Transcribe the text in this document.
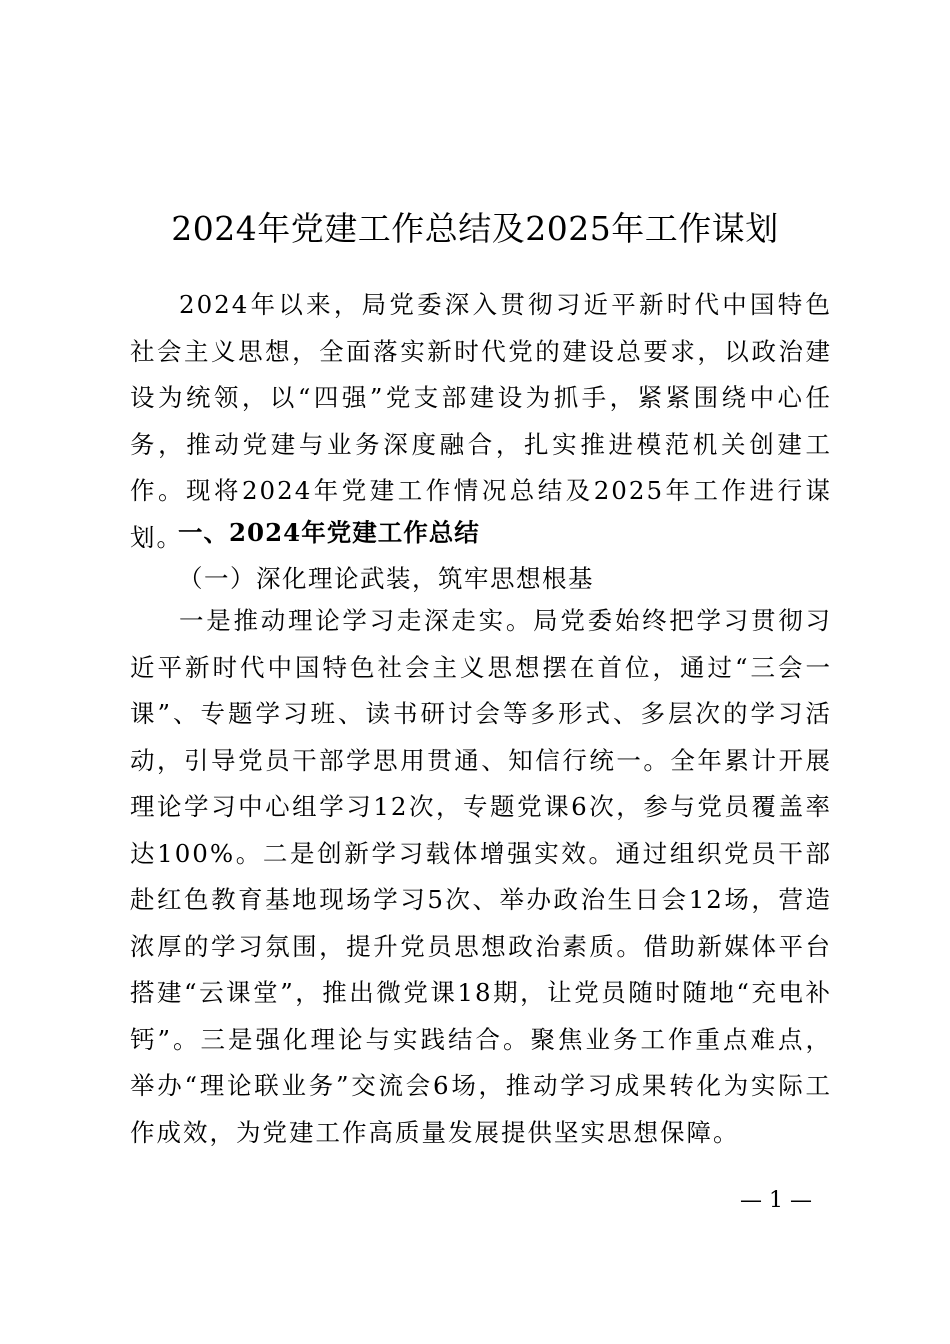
2024年党建工作总结及2025年工作谋划

2024年以来，局党委深入贯彻习近平新时代中国特色社会主义思想，全面落实新时代党的建设总要求，以政治建设为统领，以“四强”党支部建设为抓手，紧紧围绕中心任务，推动党建与业务深度融合，扎实推进模范机关创建工作。现将2024年党建工作情况总结及2025年工作进行谋划。

一、2024年党建工作总结

（一）深化理论武装，筑牢思想根基

一是推动理论学习走深走实。局党委始终把学习贯彻习近平新时代中国特色社会主义思想摆在首位，通过“三会一课”、专题学习班、读书研讨会等多形式、多层次的学习活动，引导党员干部学思用贯通、知信行统一。全年累计开展理论学习中心组学习12次，专题党课6次，参与党员覆盖率达100%。二是创新学习载体增强实效。通过组织党员干部赴红色教育基地现场学习5次、举办政治生日会12场，营造浓厚的学习氛围，提升党员思想政治素质。借助新媒体平台搭建“云课堂”，推出微党课18期，让党员随时随地“充电补钙”。三是强化理论与实践结合。聚焦业务工作重点难点，举办“理论联业务”交流会6场，推动学习成果转化为实际工作成效，为党建工作高质量发展提供坚实思想保障。

— 1 —
